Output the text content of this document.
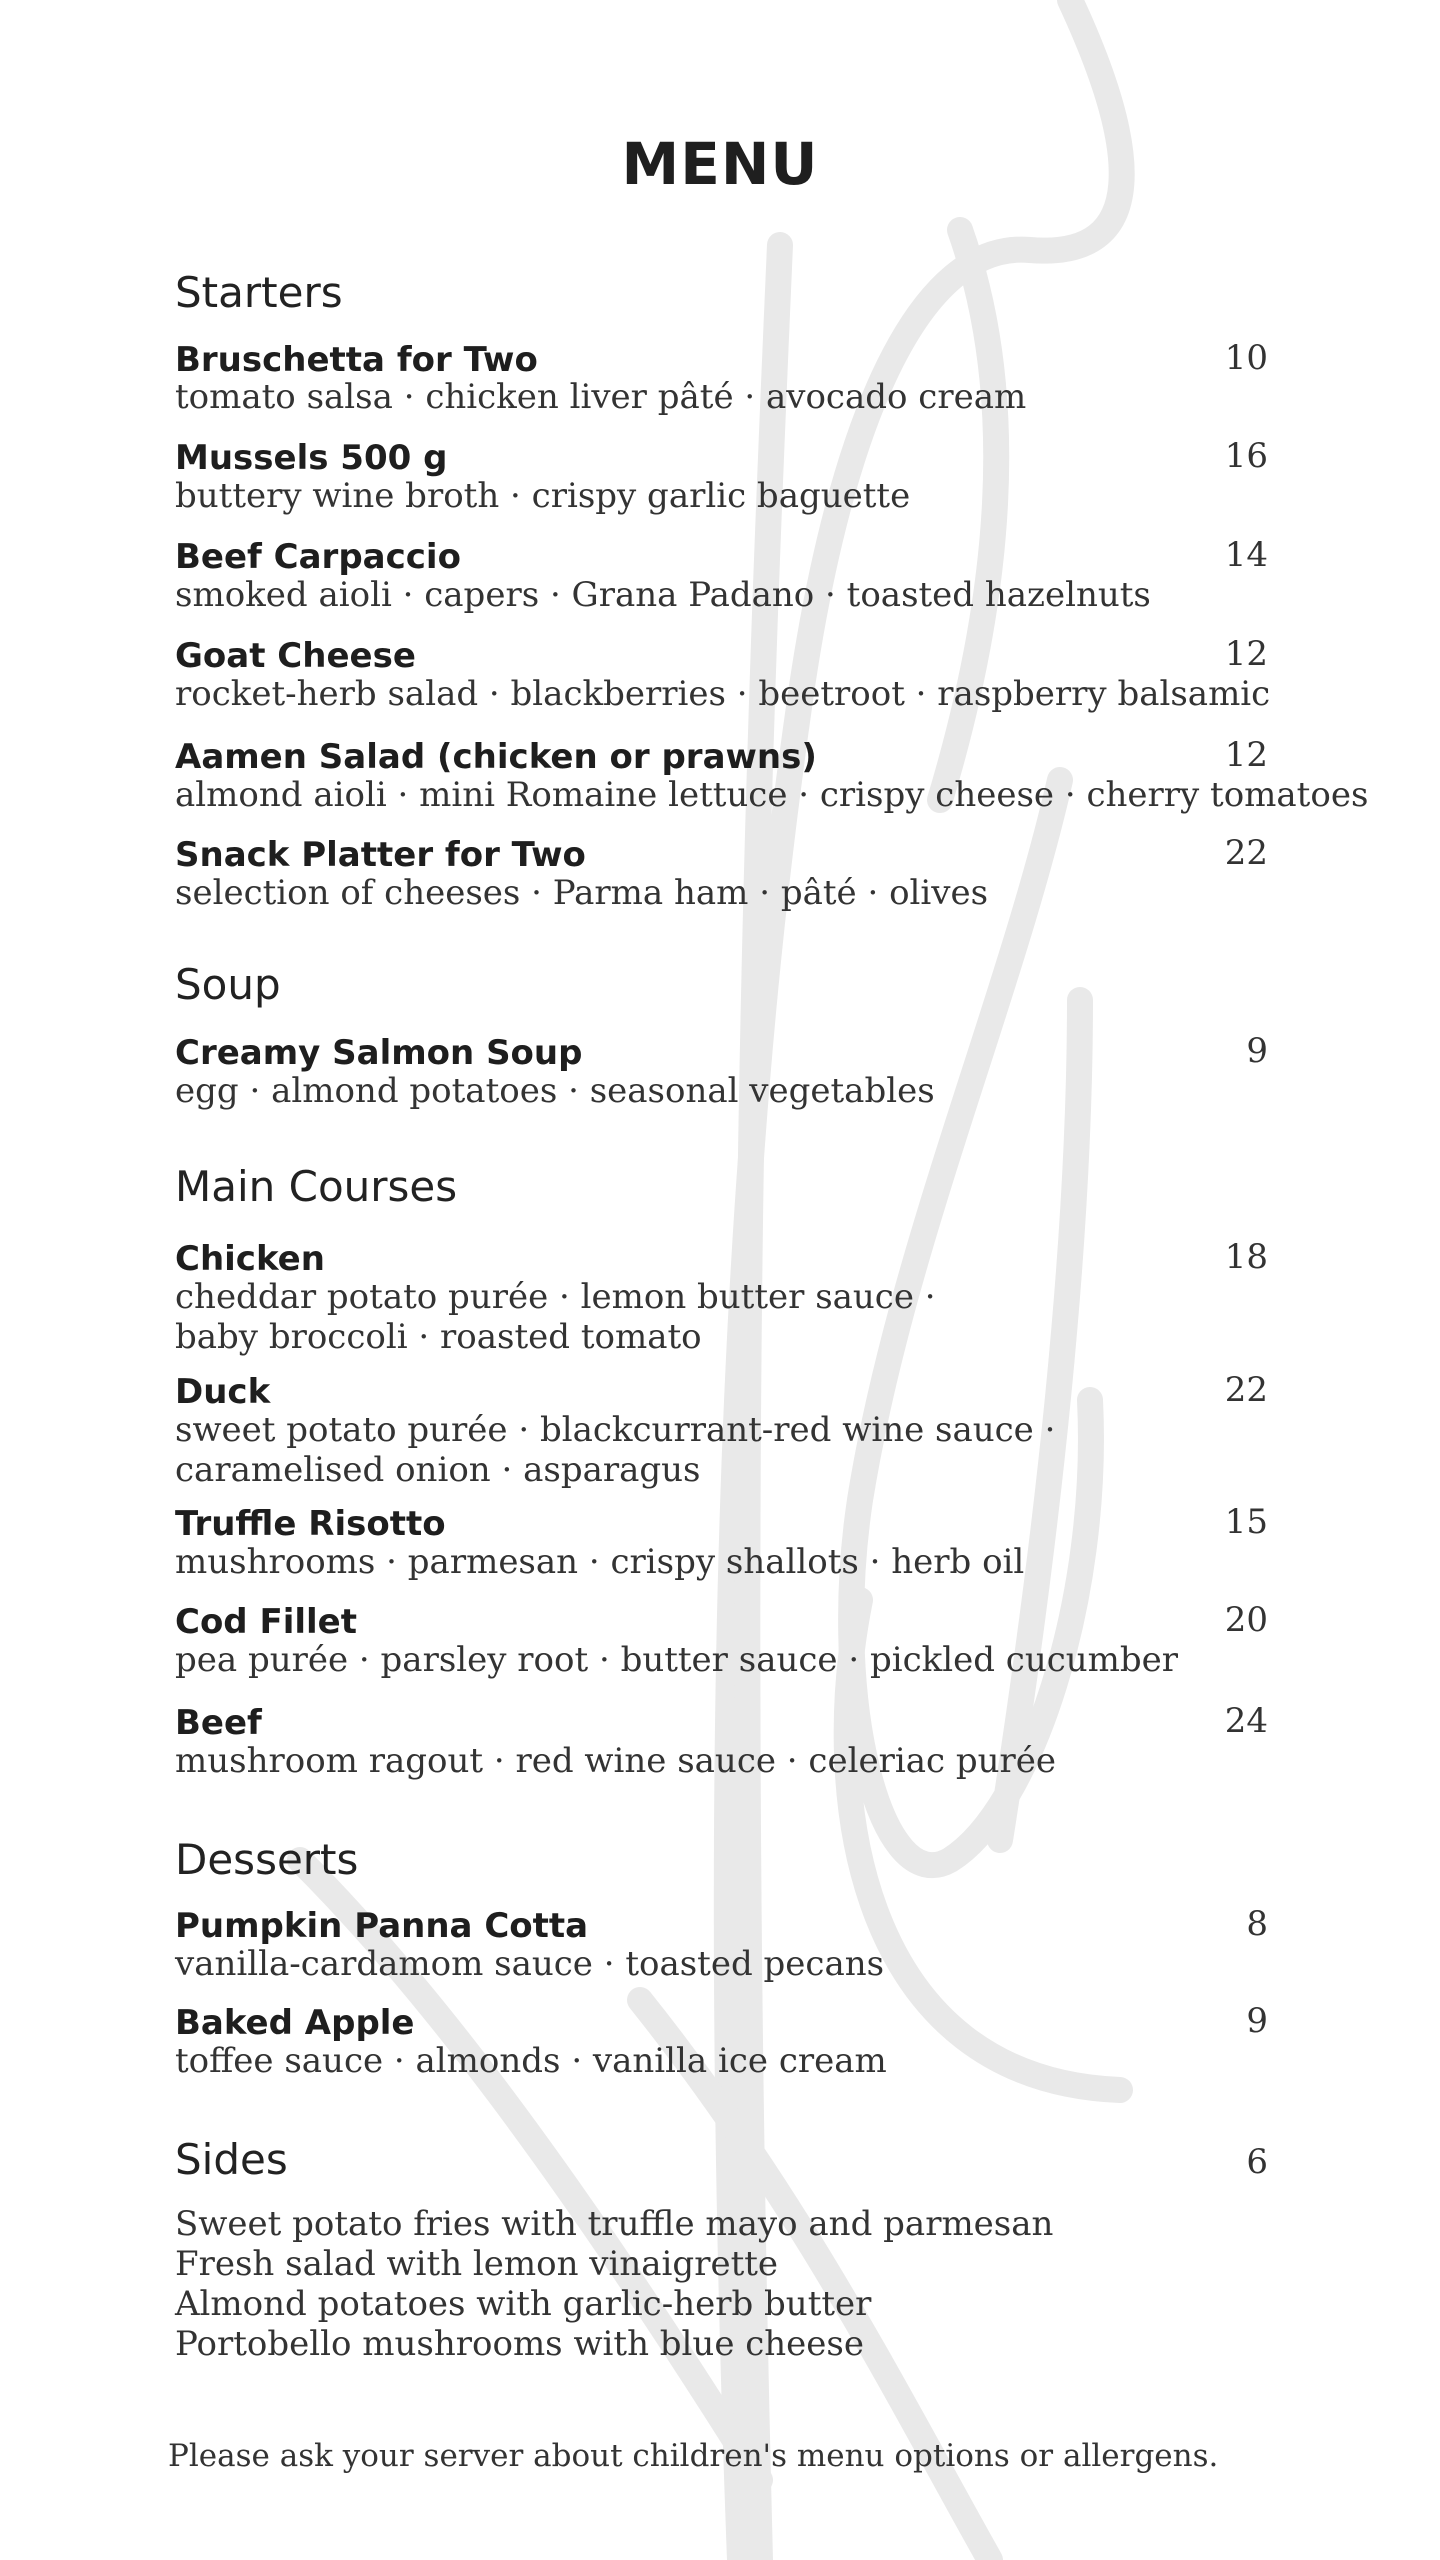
MENU
Starters
Bruschetta for Two	10
tomato salsa · chicken liver pâté · avocado cream
Mussels 500 g	16
buttery wine broth · crispy garlic baguette
Beef Carpaccio	14
smoked aioli · capers · Grana Padano · toasted hazelnuts
Goat Cheese	12
rocket-herb salad · blackberries · beetroot · raspberry balsamic
Aamen Salad (chicken or prawns)	12
almond aioli · mini Romaine lettuce · crispy cheese · cherry tomatoes
Snack Platter for Two	22
selection of cheeses · Parma ham · pâté · olives
Soup
Creamy Salmon Soup	9
egg · almond potatoes · seasonal vegetables
Main Courses
Chicken	18
cheddar potato purée · lemon butter sauce ·
baby broccoli · roasted tomato
Duck	22
sweet potato purée · blackcurrant-red wine sauce ·
caramelised onion · asparagus
Truffle Risotto	15
mushrooms · parmesan · crispy shallots · herb oil
Cod Fillet	20
pea purée · parsley root · butter sauce · pickled cucumber
Beef	24
mushroom ragout · red wine sauce · celeriac purée
Desserts
Pumpkin Panna Cotta	8
vanilla-cardamom sauce · toasted pecans
Baked Apple	9
toffee sauce · almonds · vanilla ice cream
Sides	6
Sweet potato fries with truffle mayo and parmesan
Fresh salad with lemon vinaigrette
Almond potatoes with garlic-herb butter
Portobello mushrooms with blue cheese
Please ask your server about children's menu options or allergens.
